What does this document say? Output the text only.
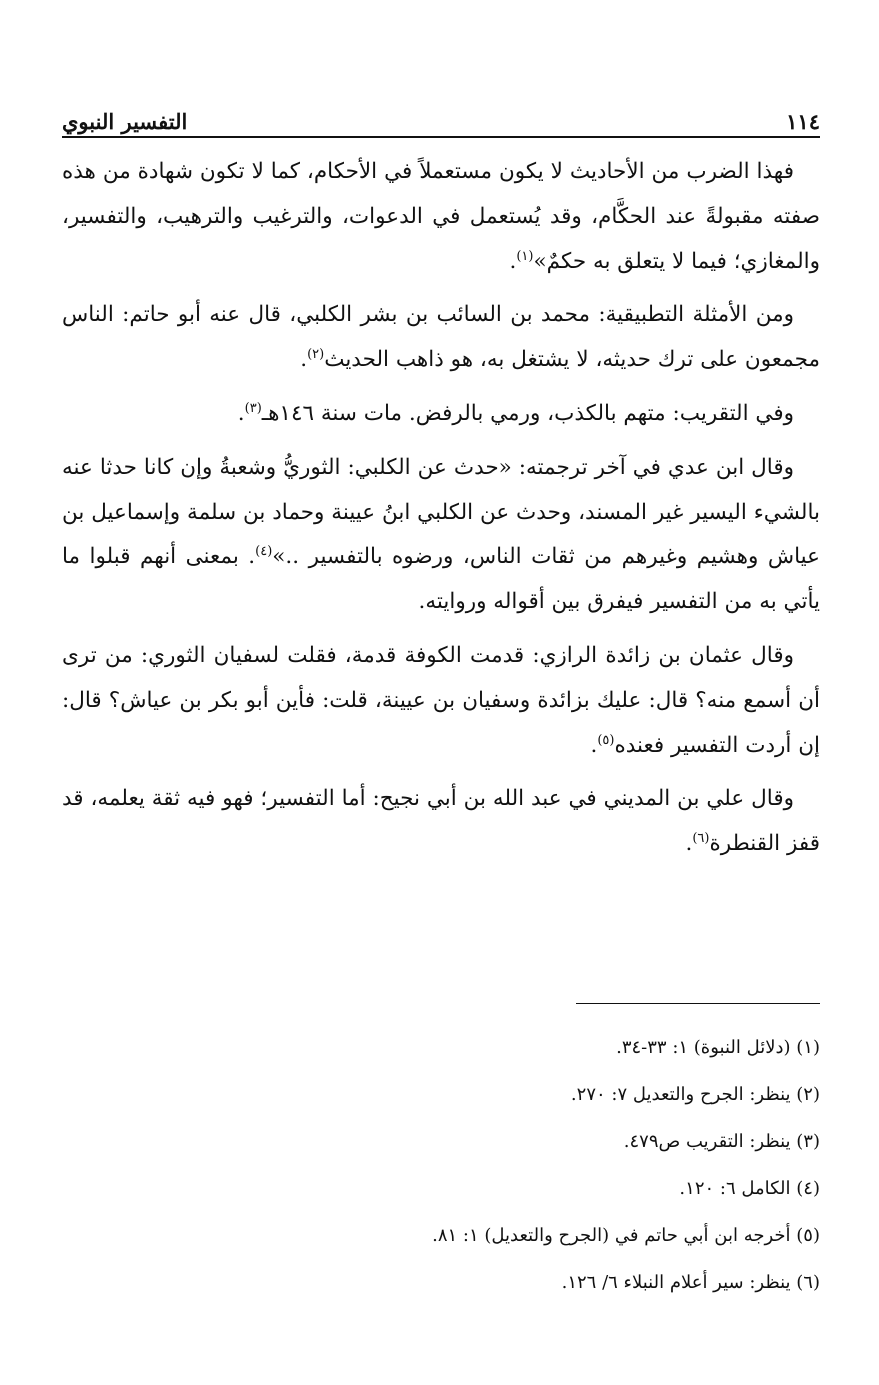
١١٤
التفسير النبوي

فهذا الضرب من الأحاديث لا يكون مستعملاً في الأحكام، كما لا تكون شهادة من هذه صفته مقبولةً عند الحكَّام، وقد يُستعمل في الدعوات، والترغيب والترهيب، والتفسير، والمغازي؛ فيما لا يتعلق به حكمٌ»$^{(١)}$.

ومن الأمثلة التطبيقية: محمد بن السائب بن بشر الكلبي، قال عنه أبو حاتم: الناس مجمعون على ترك حديثه، لا يشتغل به، هو ذاهب الحديث$^{(٢)}$.

وفي التقريب: متهم بالكذب، ورمي بالرفض. مات سنة ١٤٦هـ$^{(٣)}$.

وقال ابن عدي في آخر ترجمته: «حدث عن الكلبي: الثوريُّ وشعبةُ وإن كانا حدثا عنه بالشيء اليسير غير المسند، وحدث عن الكلبي ابنُ عيينة وحماد بن سلمة وإسماعيل بن عياش وهشيم وغيرهم من ثقات الناس، ورضوه بالتفسير ..»$^{(٤)}$. بمعنى أنهم قبلوا ما يأتي به من التفسير فيفرق بين أقواله وروايته.

وقال عثمان بن زائدة الرازي: قدمت الكوفة قدمة، فقلت لسفيان الثوري: من ترى أن أسمع منه؟ قال: عليك بزائدة وسفيان بن عيينة، قلت: فأين أبو بكر بن عياش؟ قال: إن أردت التفسير فعنده$^{(٥)}$.

وقال علي بن المديني في عبد الله بن أبي نجيح: أما التفسير؛ فهو فيه ثقة يعلمه، قد قفز القنطرة$^{(٦)}$.

(١) (دلائل النبوة) ١: ٣٣-٣٤.
(٢) ينظر: الجرح والتعديل ٧: ٢٧٠.
(٣) ينظر: التقريب ص٤٧٩.
(٤) الكامل ٦: ١٢٠.
(٥) أخرجه ابن أبي حاتم في (الجرح والتعديل) ١: ٨١.
(٦) ينظر: سير أعلام النبلاء ٦/ ١٢٦.
